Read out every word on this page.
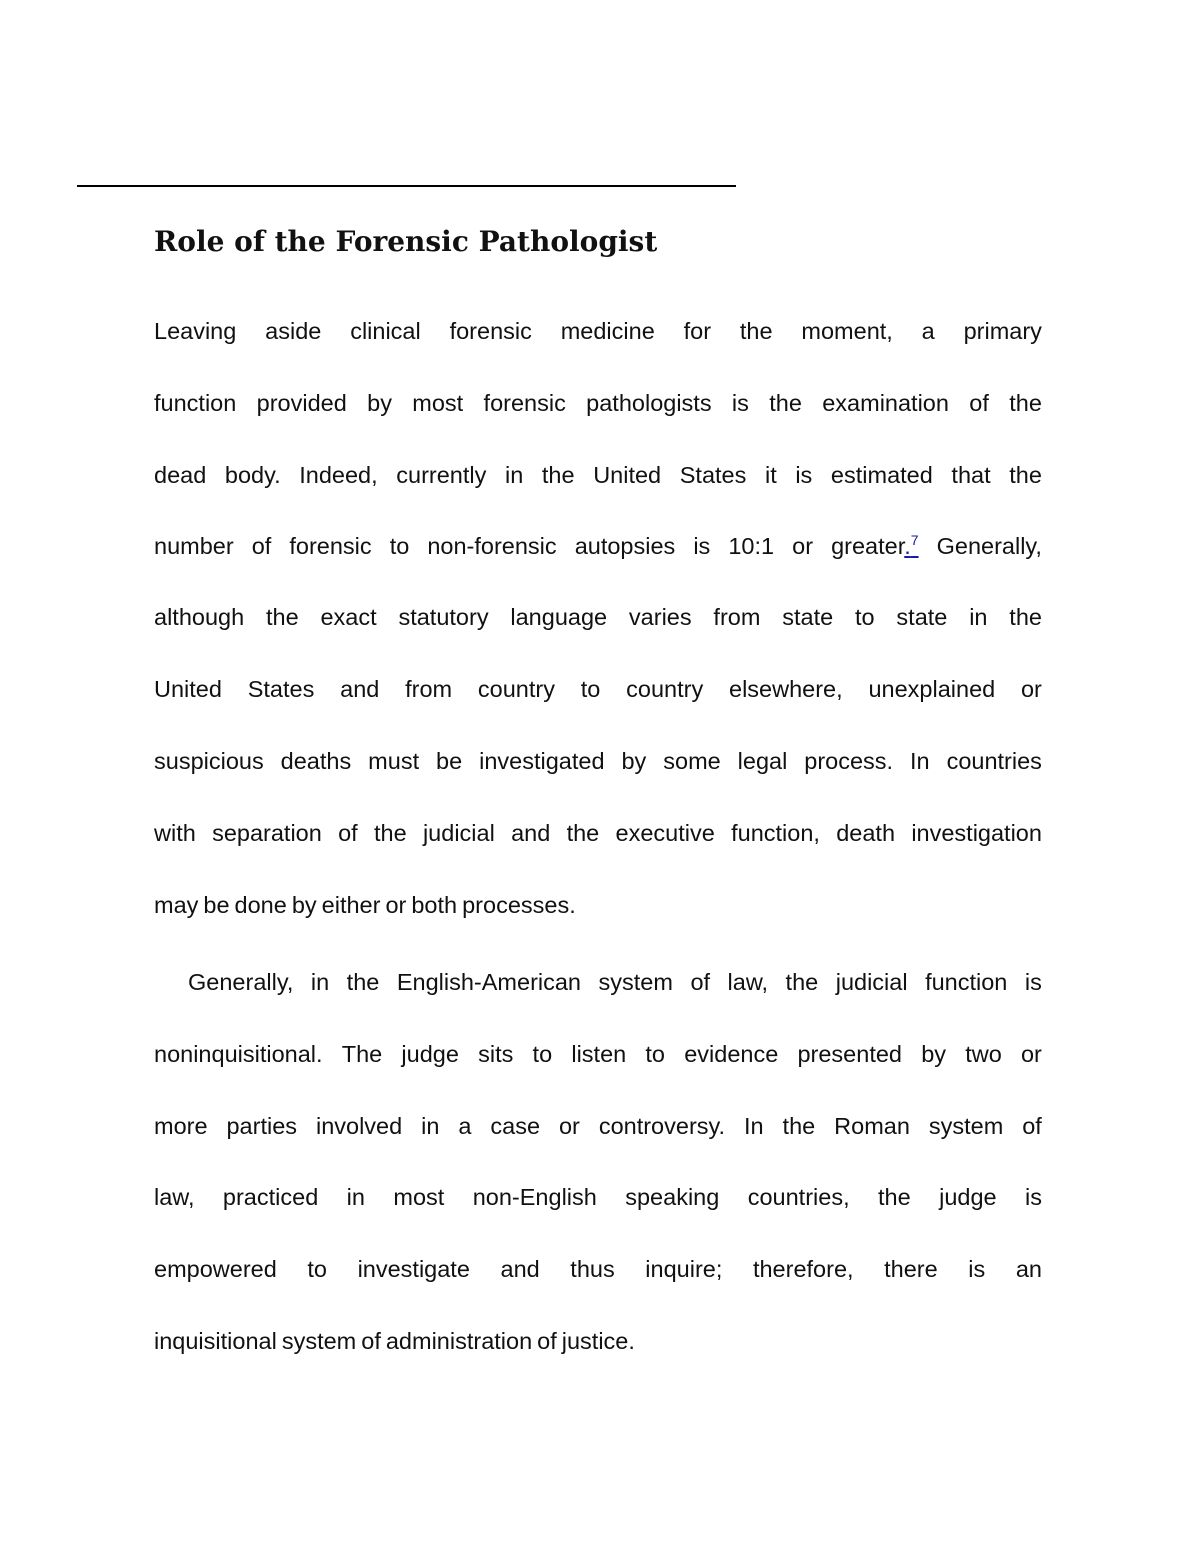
Role of the Forensic Pathologist
Leaving aside clinical forensic medicine for the moment, a primary
function provided by most forensic pathologists is the examination of the
dead body. Indeed, currently in the United States it is estimated that the
number of forensic to non-forensic autopsies is 10:1 or greater.$^7$ Generally,
although the exact statutory language varies from state to state in the
United States and from country to country elsewhere, unexplained or
suspicious deaths must be investigated by some legal process. In countries
with separation of the judicial and the executive function, death investigation
may be done by either or both processes.
Generally, in the English-American system of law, the judicial function is
noninquisitional. The judge sits to listen to evidence presented by two or
more parties involved in a case or controversy. In the Roman system of
law, practiced in most non-English speaking countries, the judge is
empowered to investigate and thus inquire; therefore, there is an
inquisitional system of administration of justice.
